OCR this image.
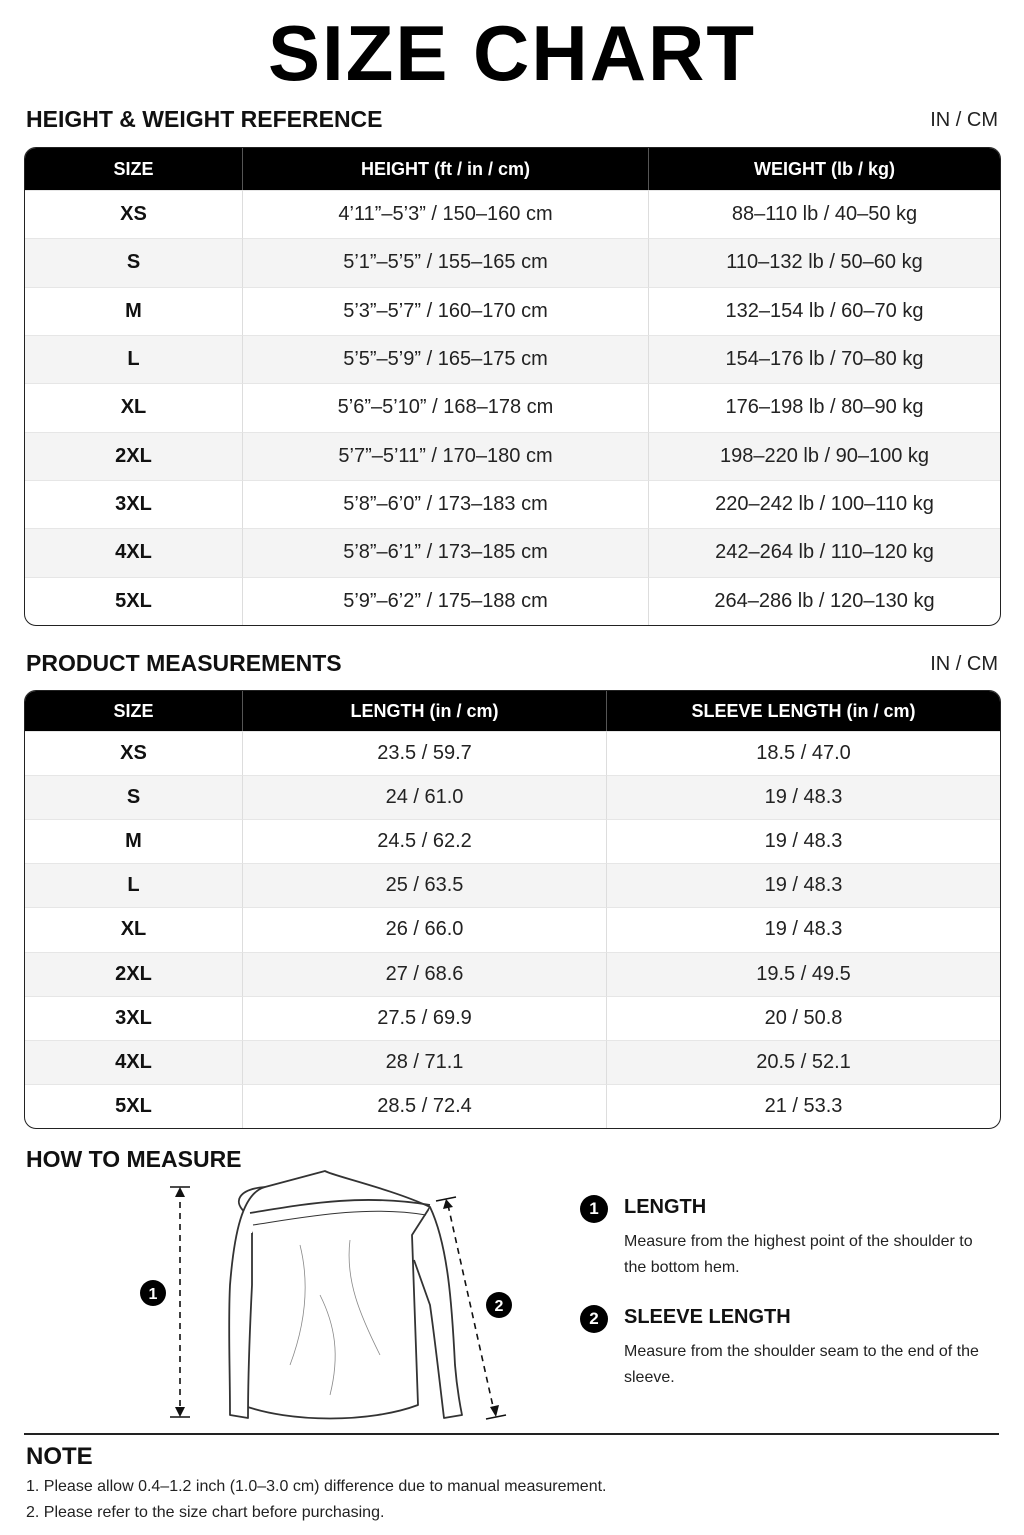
SIZE CHART
HEIGHT & WEIGHT REFERENCE	IN / CM
SIZE	HEIGHT (ft / in / cm)	WEIGHT (lb / kg)
XS	4’11”–5’3” / 150–160 cm	88–110 lb / 40–50 kg
S	5’1”–5’5” / 155–165 cm	110–132 lb / 50–60 kg
M	5’3”–5’7” / 160–170 cm	132–154 lb / 60–70 kg
L	5’5”–5’9” / 165–175 cm	154–176 lb / 70–80 kg
XL	5’6”–5’10” / 168–178 cm	176–198 lb / 80–90 kg
2XL	5’7”–5’11” / 170–180 cm	198–220 lb / 90–100 kg
3XL	5’8”–6’0” / 173–183 cm	220–242 lb / 100–110 kg
4XL	5’8”–6’1” / 173–185 cm	242–264 lb / 110–120 kg
5XL	5’9”–6’2” / 175–188 cm	264–286 lb / 120–130 kg
PRODUCT MEASUREMENTS	IN / CM
SIZE	LENGTH (in / cm)	SLEEVE LENGTH (in / cm)
XS	23.5 / 59.7	18.5 / 47.0
S	24 / 61.0	19 / 48.3
M	24.5 / 62.2	19 / 48.3
L	25 / 63.5	19 / 48.3
XL	26 / 66.0	19 / 48.3
2XL	27 / 68.6	19.5 / 49.5
3XL	27.5 / 69.9	20 / 50.8
4XL	28 / 71.1	20.5 / 52.1
5XL	28.5 / 72.4	21 / 53.3
HOW TO MEASURE
1
2
1	LENGTH
Measure from the highest point of the shoulder to the bottom hem.
2	SLEEVE LENGTH
Measure from the shoulder seam to the end of the sleeve.
NOTE
1. Please allow 0.4–1.2 inch (1.0–3.0 cm) difference due to manual measurement.
2. Please refer to the size chart before purchasing.
